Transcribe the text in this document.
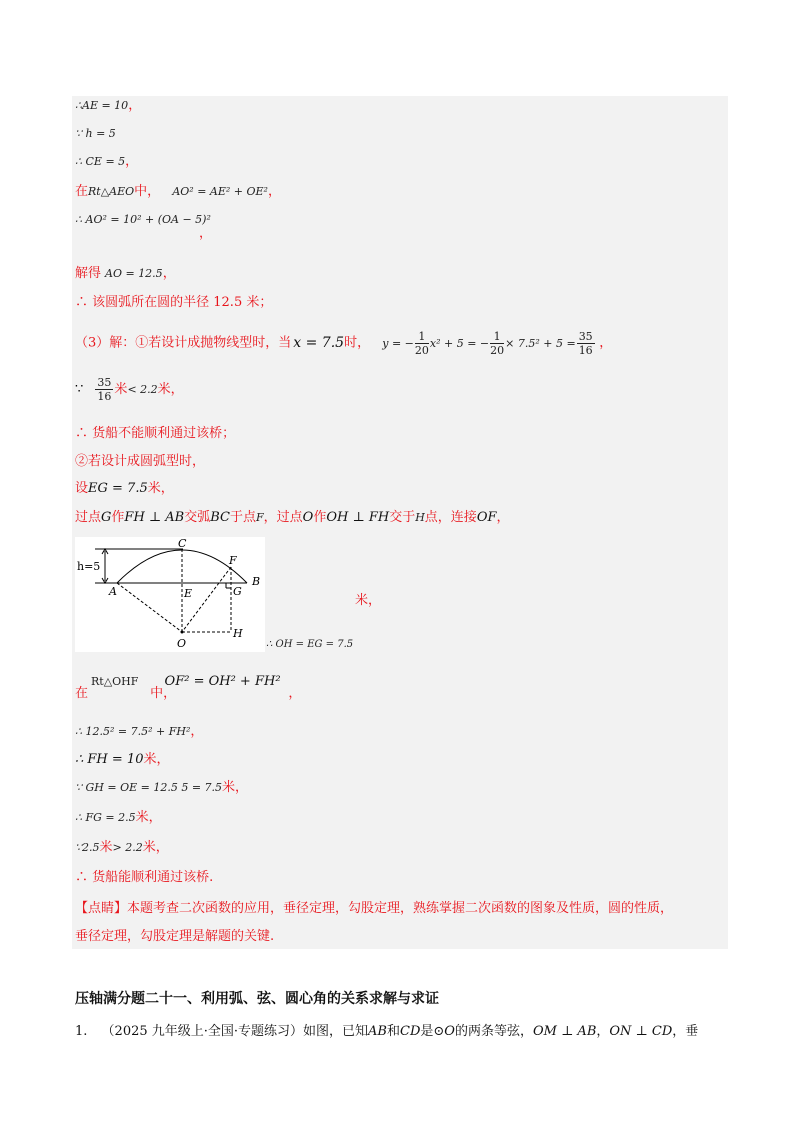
∴AE = 10，
∵ h = 5
∴ CE = 5，
在Rt△AEO中， AO² = AE² + OE²，
∴ AO² = 10² + (OA − 5)²
，
解得 AO = 12.5，
∴ 该圆弧所在圆的半径 12.5 米；
（3）解：①若设计成抛物线型时，当 x = 7.5时， y = − $\frac{1}{20} x^2 + 5$ = − $\frac{1}{20} \times 7.5^2 + 5 = \frac{35}{16}$ ，
∵ $\frac{35}{16}$ 米< 2.2米，
∴ 货船不能顺利通过该桥；
②若设计成圆弧型时，
设EG = 7.5米，
过点G作FH ⊥ AB交弧BC于点F，过点O作OH ⊥ FH交于H点，连接OF，
C
F
h=5
A	E	G
B
O
H
米，
∴ OH = EG = 7.5
Rt△OHF OF² = OH² + FH²
在	中，	，
∴ 12.5² = 7.5² + FH²，
∴ FH = 10米，
∵ GH = OE = 12.5 5 = 7.5米，
∴ FG = 2.5米，
∵2.5米> 2.2米，
∴ 货船能顺利通过该桥.
【点睛】本题考查二次函数的应用，垂径定理，勾股定理，熟练掌握二次函数的图象及性质，圆的性质，
垂径定理，勾股定理是解题的关键.
压轴满分题二十一、利用弧、弦、圆心角的关系求解与求证
1. （2025 九年级上·全国·专题练习）如图，已知AB和CD是⊙O的两条等弦，OM ⊥ AB，ON ⊥ CD，垂
